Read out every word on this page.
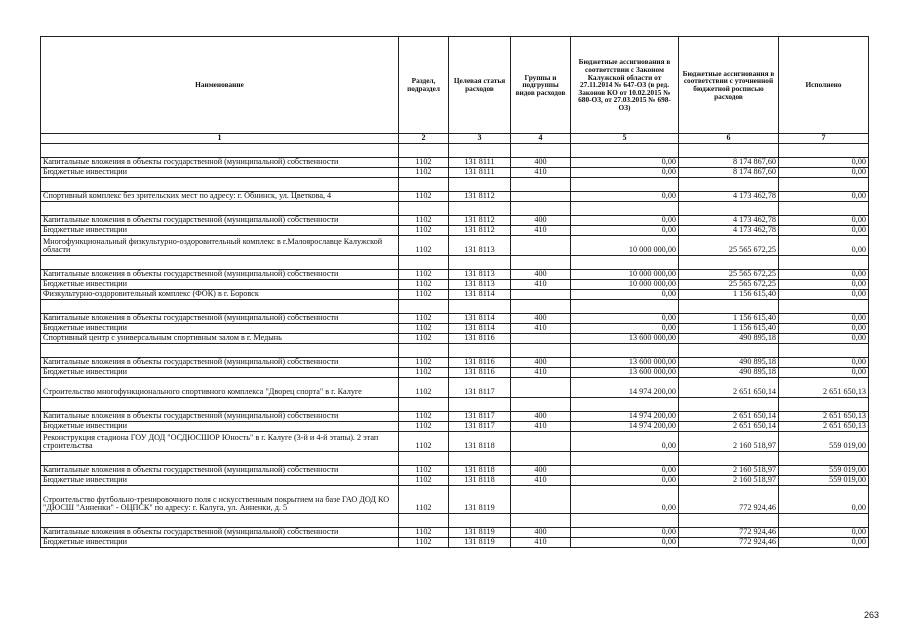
Наименование	Раздел, подраздел	Целевая статья расходов	Группы и подгруппы видов расходов	Бюджетные ассигнования в соответствии с Законом Калужской области от 27.11.2014 № 647-ОЗ (в ред. Законов КО от 10.02.2015 № 680-ОЗ, от 27.03.2015 № 698-ОЗ)	Бюджетные ассигнования в соответствии с уточненной бюджетной росписью расходов	Исполнено
1	2	3	4	5	6	7

Капитальные вложения в объекты государственной (муниципальной) собственности	1102	131 8111	400	0,00	8 174 867,60	0,00
Бюджетные инвестиции	1102	131 8111	410	0,00	8 174 867,60	0,00

Спортивный комплекс без зрительских мест по адресу: г. Обнинск, ул. Цветкова, 4	1102	131 8112		0,00	4 173 462,78	0,00

Капитальные вложения в объекты государственной (муниципальной) собственности	1102	131 8112	400	0,00	4 173 462,78	0,00
Бюджетные инвестиции	1102	131 8112	410	0,00	4 173 462,78	0,00
Многофункциональный физкультурно-оздоровительный комплекс в г.Малоярославце Калужской области	1102	131 8113		10 000 000,00	25 565 672,25	0,00

Капитальные вложения в объекты государственной (муниципальной) собственности	1102	131 8113	400	10 000 000,00	25 565 672,25	0,00
Бюджетные инвестиции	1102	131 8113	410	10 000 000,00	25 565 672,25	0,00
Физкультурно-оздоровительный комплекс (ФОК) в г. Боровск	1102	131 8114		0,00	1 156 615,40	0,00

Капитальные вложения в объекты государственной (муниципальной) собственности	1102	131 8114	400	0,00	1 156 615,40	0,00
Бюджетные инвестиции	1102	131 8114	410	0,00	1 156 615,40	0,00
Спортивный центр с универсальным спортивным залом в г. Медынь	1102	131 8116		13 600 000,00	490 895,18	0,00

Капитальные вложения в объекты государственной (муниципальной) собственности	1102	131 8116	400	13 600 000,00	490 895,18	0,00
Бюджетные инвестиции	1102	131 8116	410	13 600 000,00	490 895,18	0,00
Строительство многофункционального спортивного комплекса "Дворец спорта" в г. Калуге	1102	131 8117		14 974 200,00	2 651 650,14	2 651 650,13

Капитальные вложения в объекты государственной (муниципальной) собственности	1102	131 8117	400	14 974 200,00	2 651 650,14	2 651 650,13
Бюджетные инвестиции	1102	131 8117	410	14 974 200,00	2 651 650,14	2 651 650,13
Реконструкция стадиона ГОУ ДОД "ОСДЮСШОР Юность" в г. Калуге (3-й и 4-й этапы). 2 этап строительства	1102	131 8118		0,00	2 160 518,97	559 019,00

Капитальные вложения в объекты государственной (муниципальной) собственности	1102	131 8118	400	0,00	2 160 518,97	559 019,00
Бюджетные инвестиции	1102	131 8118	410	0,00	2 160 518,97	559 019,00
Строительство футбольно-тренировочного поля с искусственным покрытием на базе ГАО ДОД КО "ДЮСШ "Анненки" - ОЦПСК" по адресу: г. Калуга, ул. Анненки, д. 5	1102	131 8119		0,00	772 924,46	0,00

Капитальные вложения в объекты государственной (муниципальной) собственности	1102	131 8119	400	0,00	772 924,46	0,00
Бюджетные инвестиции	1102	131 8119	410	0,00	772 924,46	0,00
263
